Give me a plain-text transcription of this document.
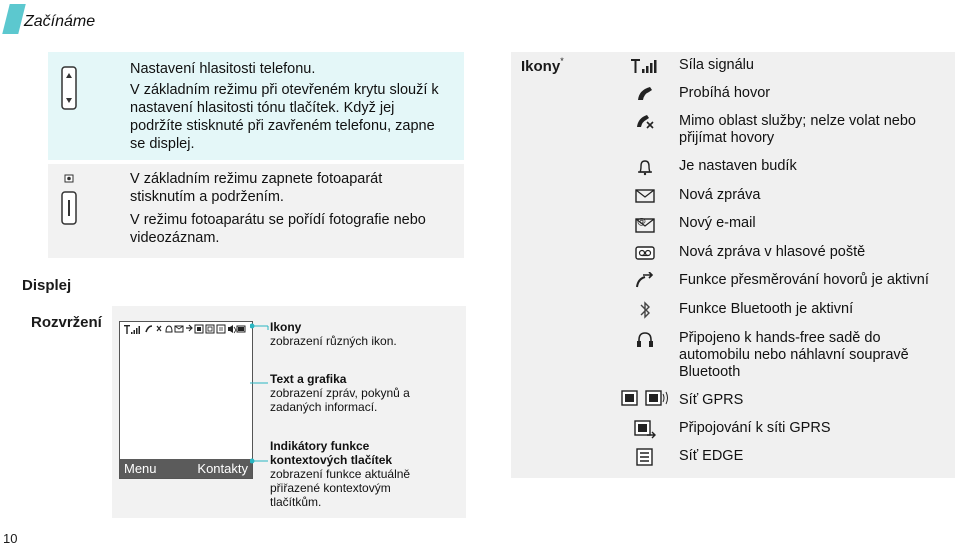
Začínáme
Nastavení hlasitosti telefonu.
V základním režimu při otevřeném krytu slouží k
nastavení hlasitosti tónu tlačítek. Když jej
podržíte stisknuté při zavřeném telefonu, zapne
se displej.
V základním režimu zapnete fotoaparát
stisknutím a podržením.
V režimu fotoaparátu se pořídí fotografie nebo
videozáznam.
Displej
Rozvržení
Menu	Kontakty
Ikony
zobrazení různých ikon.
Text a grafika
zobrazení zpráv, pokynů a
zadaných informací.
Indikátory funkce
kontextových tlačítek
zobrazení funkce aktuálně
přiřazené kontextovým
tlačítkům.
Ikony*	Síla signálu
Probíhá hovor
Mimo oblast služby; nelze volat nebo
přijímat hovory
Je nastaven budík
Nová zpráva
@ Nový e-mail
Nová zpráva v hlasové poště
Funkce přesměrování hovorů je aktivní
Funkce Bluetooth je aktivní
Připojeno k hands-free sadě do
automobilu nebo náhlavní soupravě
Bluetooth
Síť GPRS
Připojování k síti GPRS
Síť EDGE
10
